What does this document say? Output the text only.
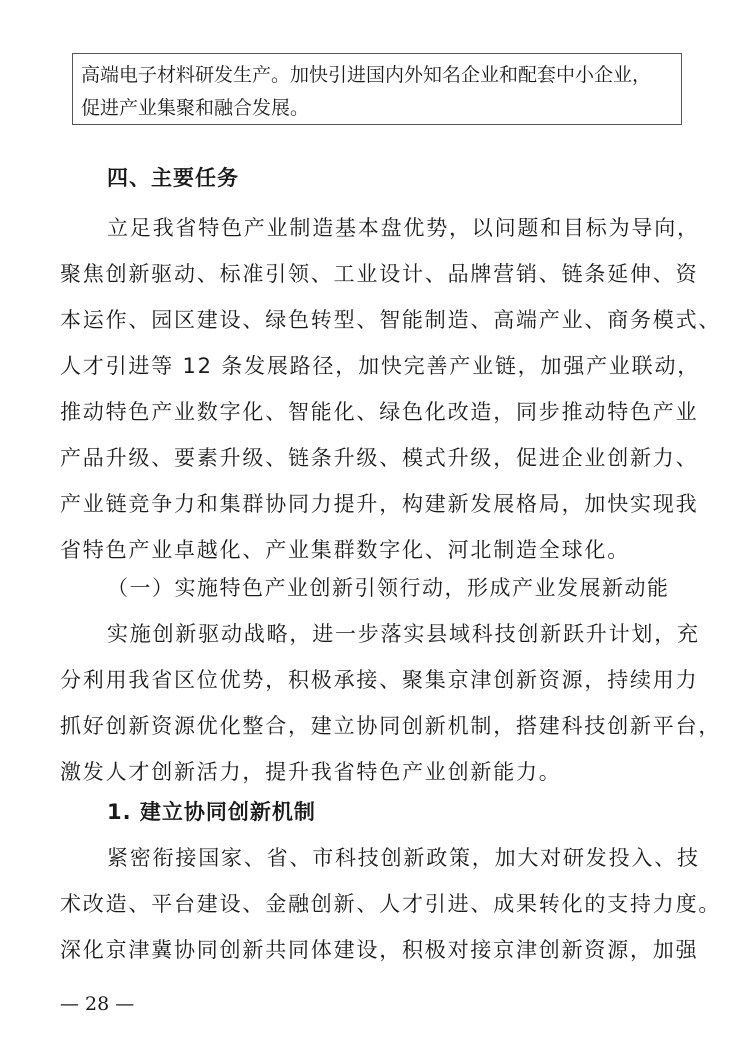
高端电子材料研发生产。加快引进国内外知名企业和配套中小企业，
促进产业集聚和融合发展。
四、主要任务
立足我省特色产业制造基本盘优势，以问题和目标为导向，
聚焦创新驱动、标准引领、工业设计、品牌营销、链条延伸、资
本运作、园区建设、绿色转型、智能制造、高端产业、商务模式、
人才引进等 12 条发展路径，加快完善产业链，加强产业联动，
推动特色产业数字化、智能化、绿色化改造，同步推动特色产业
产品升级、要素升级、链条升级、模式升级，促进企业创新力、
产业链竞争力和集群协同力提升，构建新发展格局，加快实现我
省特色产业卓越化、产业集群数字化、河北制造全球化。
（一）实施特色产业创新引领行动，形成产业发展新动能
实施创新驱动战略，进一步落实县域科技创新跃升计划，充
分利用我省区位优势，积极承接、聚集京津创新资源，持续用力
抓好创新资源优化整合，建立协同创新机制，搭建科技创新平台，
激发人才创新活力，提升我省特色产业创新能力。
1. 建立协同创新机制
紧密衔接国家、省、市科技创新政策，加大对研发投入、技
术改造、平台建设、金融创新、人才引进、成果转化的支持力度。
深化京津冀协同创新共同体建设，积极对接京津创新资源，加强
— 28 —
